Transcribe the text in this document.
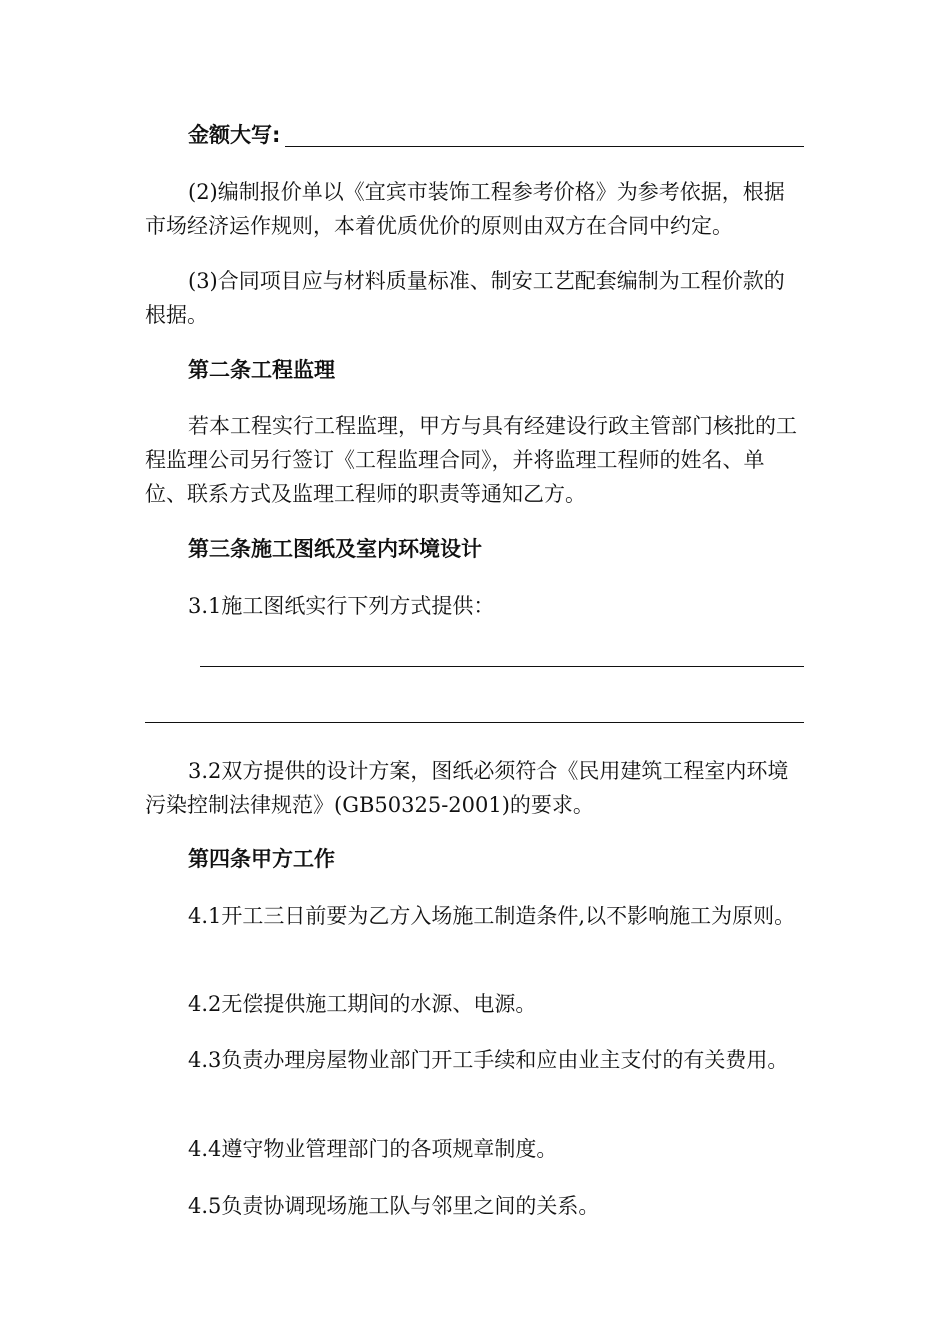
金额大写:

(2)编制报价单以《宜宾市装饰工程参考价格》为参考依据，根据市场经济运作规则，本着优质优价的原则由双方在合同中约定。

(3)合同项目应与材料质量标准、制安工艺配套编制为工程价款的根据。

第二条工程监理

若本工程实行工程监理，甲方与具有经建设行政主管部门核批的工程监理公司另行签订《工程监理合同》，并将监理工程师的姓名、单位、联系方式及监理工程师的职责等通知乙方。

第三条施工图纸及室内环境设计

3.1施工图纸实行下列方式提供：

3.2双方提供的设计方案，图纸必须符合《民用建筑工程室内环境污染控制法律规范》(GB50325-2001)的要求。

第四条甲方工作

4.1开工三日前要为乙方入场施工制造条件,以不影响施工为原则。

4.2无偿提供施工期间的水源、电源。

4.3负责办理房屋物业部门开工手续和应由业主支付的有关费用。

4.4遵守物业管理部门的各项规章制度。

4.5负责协调现场施工队与邻里之间的关系。
